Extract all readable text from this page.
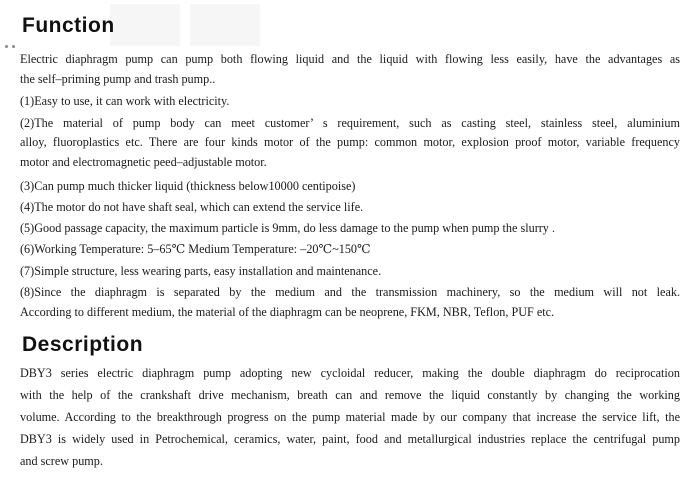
Function

Electric diaphragm pump can pump both flowing liquid and the liquid with flowing less easily, have the advantages as

the self–priming pump and trash pump..

(1)Easy to use, it can work with electricity.

(2)The material of pump body can meet customer’ s requirement, such as casting steel, stainless steel, aluminium

alloy, fluoroplastics etc. There are four kinds motor of the pump: common motor, explosion proof motor, variable frequency

motor and electromagnetic peed–adjustable motor.

(3)Can pump much thicker liquid (thickness below10000 centipoise)

(4)The motor do not have shaft seal, which can extend the service life.

(5)Good passage capacity, the maximum particle is 9mm, do less damage to the pump when pump the slurry .

(6)Working Temperature: 5–65℃ Medium Temperature: –20℃~150℃

(7)Simple structure, less wearing parts, easy installation and maintenance.

(8)Since the diaphragm is separated by the medium and the transmission machinery, so the medium will not leak.

According to different medium, the material of the diaphragm can be neoprene, FKM, NBR, Teflon, PUF etc.

Description

DBY3 series electric diaphragm pump adopting new cycloidal reducer, making the double diaphragm do reciprocation

with the help of the crankshaft drive mechanism, breath can and remove the liquid constantly by changing the working

volume. According to the breakthrough progress on the pump material made by our company that increase the service lift, the

DBY3 is widely used in Petrochemical, ceramics, water, paint, food and metallurgical industries replace the centrifugal pump

and screw pump.
